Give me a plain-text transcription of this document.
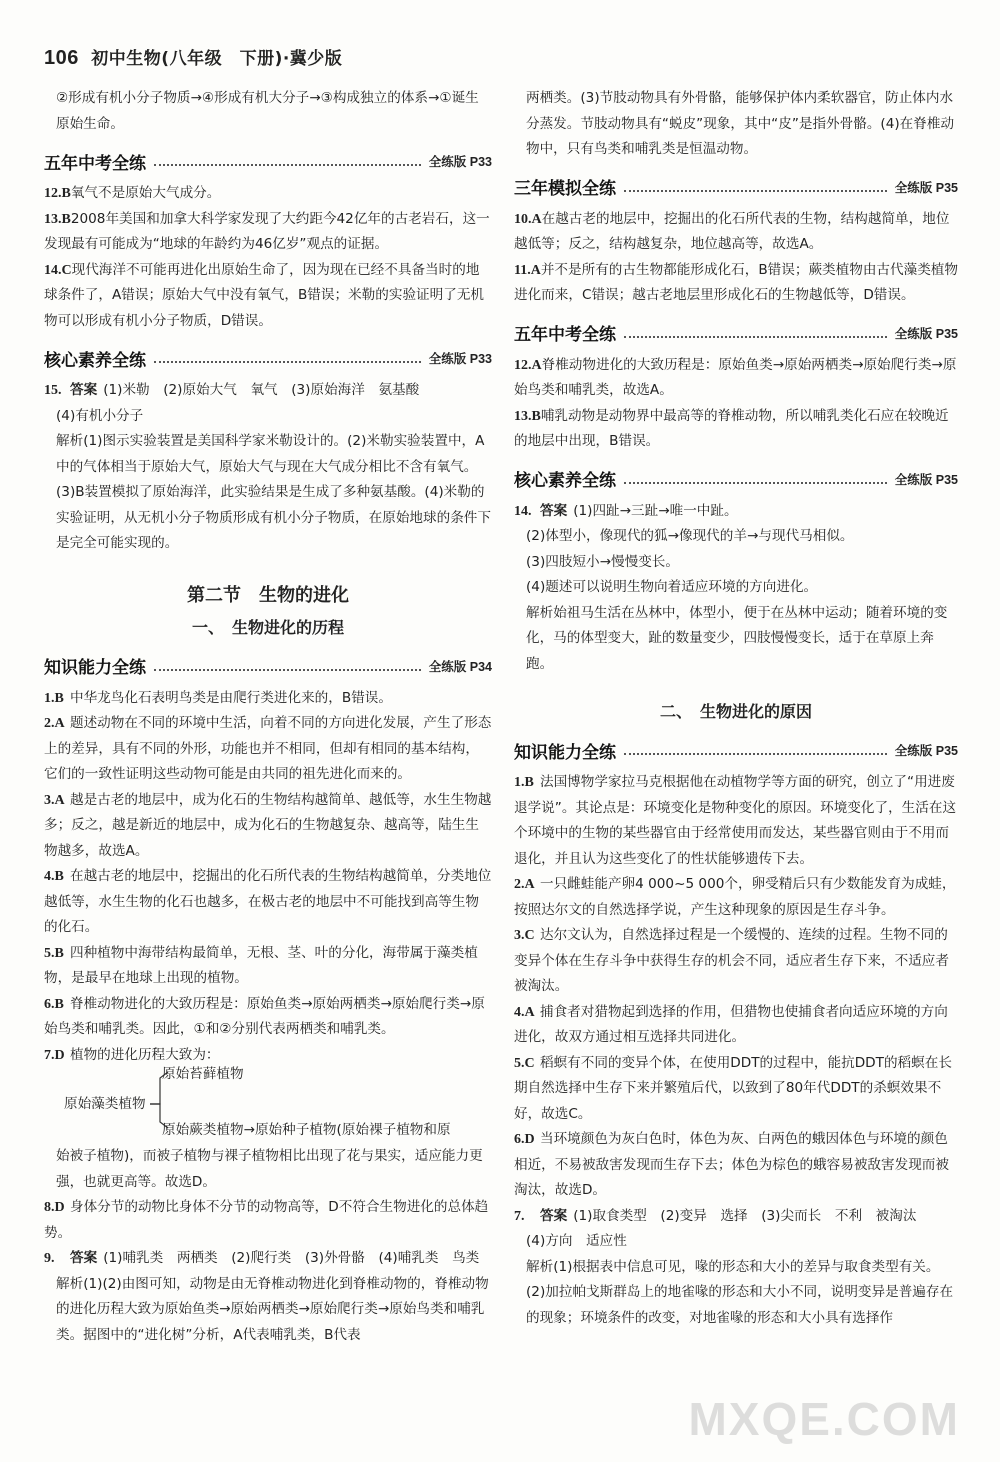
106 初中生物(八年级　下册)·冀少版

②形成有机小分子物质→④形成有机大分子→③构成独立的体系→①诞生原始生命。

五年中考全练	全练版 P33
12.B氧气不是原始大气成分。
13.B2008年美国和加拿大科学家发现了大约距今42亿年的古老岩石，这一发现最有可能成为“地球的年龄约为46亿岁”观点的证据。
14.C现代海洋不可能再进化出原始生命了，因为现在已经不具备当时的地球条件了，A错误；原始大气中没有氧气，B错误；米勒的实验证明了无机物可以形成有机小分子物质，D错误。
核心素养全练	全练版 P33
15. 答案 (1)米勒　(2)原始大气　氧气　(3)原始海洋　氨基酸

(4)有机小分子

解析(1)图示实验装置是美国科学家米勒设计的。(2)米勒实验装置中，A中的气体相当于原始大气，原始大气与现在大气成分相比不含有氧气。(3)B装置模拟了原始海洋，此实验结果是生成了多种氨基酸。(4)米勒的实验证明，从无机小分子物质形成有机小分子物质，在原始地球的条件下是完全可能实现的。

第二节　生物的进化
一、　生物进化的历程
知识能力全练	全练版 P34
1.B 中华龙鸟化石表明鸟类是由爬行类进化来的，B错误。
2.A 题述动物在不同的环境中生活，向着不同的方向进化发展，产生了形态上的差异，具有不同的外形，功能也并不相同，但却有相同的基本结构，它们的一致性证明这些动物可能是由共同的祖先进化而来的。
3.A 越是古老的地层中，成为化石的生物结构越简单、越低等，水生生物越多；反之，越是新近的地层中，成为化石的生物越复杂、越高等，陆生生物越多，故选A。
4.B 在越古老的地层中，挖掘出的化石所代表的生物结构越简单，分类地位越低等，水生生物的化石也越多，在极古老的地层中不可能找到高等生物的化石。
5.B 四种植物中海带结构最简单，无根、茎、叶的分化，海带属于藻类植物，是最早在地球上出现的植物。
6.B 脊椎动物进化的大致历程是：原始鱼类→原始两栖类→原始爬行类→原始鸟类和哺乳类。因此，①和②分别代表两栖类和哺乳类。
7.D 植物的进化历程大致为：
原始苔藓植物
原始藻类植物
原始蕨类植物→原始种子植物(原始裸子植物和原

始被子植物)，而被子植物与裸子植物相比出现了花与果实，适应能力更强，也就更高等。故选D。

8.D 身体分节的动物比身体不分节的动物高等，D不符合生物进化的总体趋势。
9. 答案 (1)哺乳类　两栖类　(2)爬行类　(3)外骨骼　(4)哺乳类　鸟类

解析(1)(2)由图可知，动物是由无脊椎动物进化到脊椎动物的，脊椎动物的进化历程大致为原始鱼类→原始两栖类→原始爬行类→原始鸟类和哺乳类。据图中的“进化树”分析，A代表哺乳类，B代表

两栖类。(3)节肢动物具有外骨骼，能够保护体内柔软器官，防止体内水分蒸发。节肢动物具有“蜕皮”现象，其中“皮”是指外骨骼。(4)在脊椎动物中，只有鸟类和哺乳类是恒温动物。

三年模拟全练	全练版 P35
10.A在越古老的地层中，挖掘出的化石所代表的生物，结构越简单，地位越低等；反之，结构越复杂，地位越高等，故选A。
11.A并不是所有的古生物都能形成化石，B错误；蕨类植物由古代藻类植物进化而来，C错误；越古老地层里形成化石的生物越低等，D错误。
五年中考全练	全练版 P35
12.A脊椎动物进化的大致历程是：原始鱼类→原始两栖类→原始爬行类→原始鸟类和哺乳类，故选A。
13.B哺乳动物是动物界中最高等的脊椎动物，所以哺乳类化石应在较晚近的地层中出现，B错误。
核心素养全练	全练版 P35
14. 答案 (1)四趾→三趾→唯一中趾。

(2)体型小，像现代的狐→像现代的羊→与现代马相似。

(3)四肢短小→慢慢变长。

(4)题述可以说明生物向着适应环境的方向进化。

解析始祖马生活在丛林中，体型小，便于在丛林中运动；随着环境的变化，马的体型变大，趾的数量变少，四肢慢慢变长，适于在草原上奔跑。

二、　生物进化的原因
知识能力全练	全练版 P35
1.B 法国博物学家拉马克根据他在动植物学等方面的研究，创立了“用进废退学说”。其论点是：环境变化是物种变化的原因。环境变化了，生活在这个环境中的生物的某些器官由于经常使用而发达，某些器官则由于不用而退化，并且认为这些变化了的性状能够遗传下去。
2.A 一只雌蛙能产卵4 000~5 000个，卵受精后只有少数能发育为成蛙，按照达尔文的自然选择学说，产生这种现象的原因是生存斗争。
3.C 达尔文认为，自然选择过程是一个缓慢的、连续的过程。生物不同的变异个体在生存斗争中获得生存的机会不同，适应者生存下来，不适应者被淘汰。
4.A 捕食者对猎物起到选择的作用，但猎物也使捕食者向适应环境的方向进化，故双方通过相互选择共同进化。
5.C 稻螟有不同的变异个体，在使用DDT的过程中，能抗DDT的稻螟在长期自然选择中生存下来并繁殖后代，以致到了80年代DDT的杀螟效果不好，故选C。
6.D 当环境颜色为灰白色时，体色为灰、白两色的蛾因体色与环境的颜色相近，不易被敌害发现而生存下去；体色为棕色的蛾容易被敌害发现而被淘汰，故选D。
7. 答案 (1)取食类型　(2)变异　选择　(3)尖而长　不利　被淘汰

(4)方向　适应性

解析(1)根据表中信息可见，喙的形态和大小的差异与取食类型有关。(2)加拉帕戈斯群岛上的地雀喙的形态和大小不同，说明变异是普遍存在的现象；环境条件的改变，对地雀喙的形态和大小具有选择作

MXQE.COM
